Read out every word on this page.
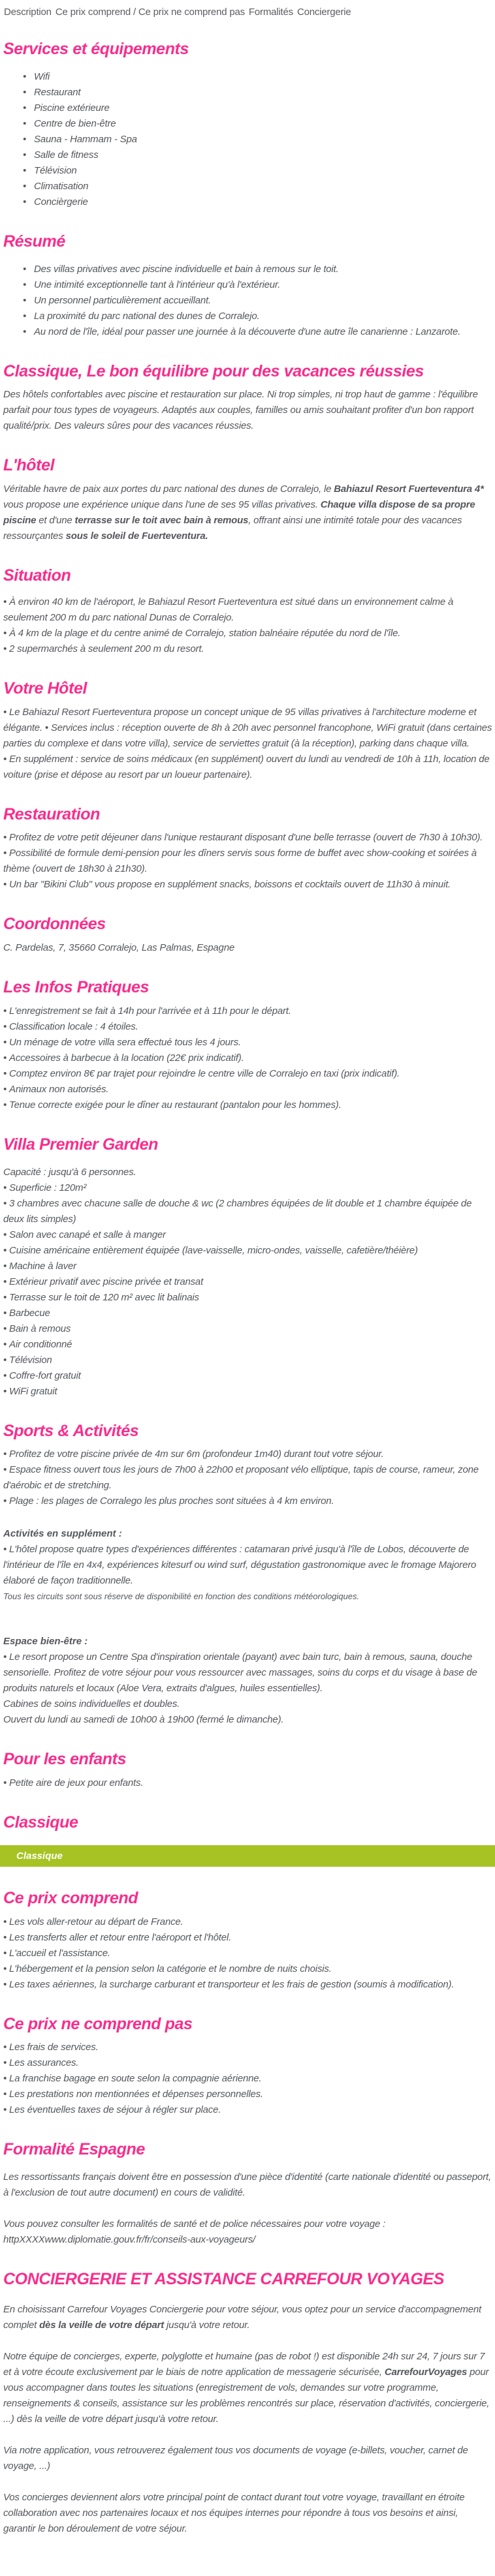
Description Ce prix comprend / Ce prix ne comprend pas Formalités Conciergerie
Services et équipements
• Wifi
• Restaurant
• Piscine extérieure
• Centre de bien-être
• Sauna - Hammam - Spa
• Salle de fitness
• Télévision
• Climatisation
• Concièrgerie
Résumé
• Des villas privatives avec piscine individuelle et bain à remous sur le toit.
• Une intimité exceptionnelle tant à l'intérieur qu'à l'extérieur.
• Un personnel particulièrement accueillant.
• La proximité du parc national des dunes de Corralejo.
• Au nord de l'île, idéal pour passer une journée à la découverte d'une autre île canarienne : Lanzarote.
Classique, Le bon équilibre pour des vacances réussies

Des hôtels confortables avec piscine et restauration sur place. Ni trop simples, ni trop haut de gamme : l'équilibre parfait pour tous types de voyageurs. Adaptés aux couples, familles ou amis souhaitant profiter d'un bon rapport qualité/prix. Des valeurs sûres pour des vacances réussies.

L'hôtel

Véritable havre de paix aux portes du parc national des dunes de Corralejo, le Bahiazul Resort Fuerteventura 4* vous propose une expérience unique dans l'une de ses 95 villas privatives. Chaque villa dispose de sa propre piscine et d'une terrasse sur le toit avec bain à remous, offrant ainsi une intimité totale pour des vacances ressourçantes sous le soleil de Fuerteventura.

Situation

• À environ 40 km de l'aéroport, le Bahiazul Resort Fuerteventura est situé dans un environnement calme à seulement 200 m du parc national Dunas de Corralejo.

• À 4 km de la plage et du centre animé de Corralejo, station balnéaire réputée du nord de l'île.

• 2 supermarchés à seulement 200 m du resort.

Votre Hôtel

• Le Bahiazul Resort Fuerteventura propose un concept unique de 95 villas privatives à l'architecture moderne et élégante. • Services inclus : réception ouverte de 8h à 20h avec personnel francophone, WiFi gratuit (dans certaines parties du complexe et dans votre villa), service de serviettes gratuit (à la réception), parking dans chaque villa.

• En supplément : service de soins médicaux (en supplément) ouvert du lundi au vendredi de 10h à 11h, location de voiture (prise et dépose au resort par un loueur partenaire).

Restauration

• Profitez de votre petit déjeuner dans l'unique restaurant disposant d'une belle terrasse (ouvert de 7h30 à 10h30).

• Possibilité de formule demi-pension pour les dîners servis sous forme de buffet avec show-cooking et soirées à thème (ouvert de 18h30 à 21h30).

• Un bar "Bikini Club" vous propose en supplément snacks, boissons et cocktails ouvert de 11h30 à minuit.

Coordonnées

C. Pardelas, 7, 35660 Corralejo, Las Palmas, Espagne

Les Infos Pratiques

• L'enregistrement se fait à 14h pour l'arrivée et à 11h pour le départ.

• Classification locale : 4 étoiles.

• Un ménage de votre villa sera effectué tous les 4 jours.

• Accessoires à barbecue à la location (22€ prix indicatif).

• Comptez environ 8€ par trajet pour rejoindre le centre ville de Corralejo en taxi (prix indicatif).

• Animaux non autorisés.

• Tenue correcte exigée pour le dîner au restaurant (pantalon pour les hommes).

Villa Premier Garden

Capacité : jusqu'à 6 personnes.

• Superficie : 120m²

• 3 chambres avec chacune salle de douche & wc (2 chambres équipées de lit double et 1 chambre équipée de deux lits simples)

• Salon avec canapé et salle à manger

• Cuisine américaine entièrement équipée (lave-vaisselle, micro-ondes, vaisselle, cafetière/théière)

• Machine à laver

• Extérieur privatif avec piscine privée et transat

• Terrasse sur le toit de 120 m² avec lit balinais

• Barbecue

• Bain à remous

• Air conditionné

• Télévision

• Coffre-fort gratuit

• WiFi gratuit

Sports & Activités

• Profitez de votre piscine privée de 4m sur 6m (profondeur 1m40) durant tout votre séjour.

• Espace fitness ouvert tous les jours de 7h00 à 22h00 et proposant vélo elliptique, tapis de course, rameur, zone d'aérobic et de stretching.

• Plage : les plages de Corralego les plus proches sont situées à 4 km environ.

Activités en supplément :

• L'hôtel propose quatre types d'expériences différentes : catamaran privé jusqu'à l'île de Lobos, découverte de l'intérieur de l'île en 4x4, expériences kitesurf ou wind surf, dégustation gastronomique avec le fromage Majorero élaboré de façon traditionnelle.

Tous les circuits sont sous réserve de disponibilité en fonction des conditions météorologiques.

Espace bien-être :

• Le resort propose un Centre Spa d'inspiration orientale (payant) avec bain turc, bain à remous, sauna, douche sensorielle. Profitez de votre séjour pour vous ressourcer avec massages, soins du corps et du visage à base de produits naturels et locaux (Aloe Vera, extraits d'algues, huiles essentielles).

Cabines de soins individuelles et doubles.

Ouvert du lundi au samedi de 10h00 à 19h00 (fermé le dimanche).

Pour les enfants

• Petite aire de jeux pour enfants.

Classique
Classique
Ce prix comprend

• Les vols aller-retour au départ de France.

• Les transferts aller et retour entre l'aéroport et l'hôtel.

• L'accueil et l'assistance.

• L'hébergement et la pension selon la catégorie et le nombre de nuits choisis.

• Les taxes aériennes, la surcharge carburant et transporteur et les frais de gestion (soumis à modification).

Ce prix ne comprend pas

• Les frais de services.

• Les assurances.

• La franchise bagage en soute selon la compagnie aérienne.

• Les prestations non mentionnées et dépenses personnelles.

• Les éventuelles taxes de séjour à régler sur place.

Formalité Espagne

Les ressortissants français doivent être en possession d'une pièce d'identité (carte nationale d'identité ou passeport, à l'exclusion de tout autre document) en cours de validité.

Vous pouvez consulter les formalités de santé et de police nécessaires pour votre voyage :
httpXXXXwww.diplomatie.gouv.fr/fr/conseils-aux-voyageurs/

CONCIERGERIE ET ASSISTANCE CARREFOUR VOYAGES

En choisissant Carrefour Voyages Conciergerie pour votre séjour, vous optez pour un service d'accompagnement complet dès la veille de votre départ jusqu'à votre retour.

Notre équipe de concierges, experte, polyglotte et humaine (pas de robot !) est disponible 24h sur 24, 7 jours sur 7 et à votre écoute exclusivement par le biais de notre application de messagerie sécurisée, CarrefourVoyages pour vous accompagner dans toutes les situations (enregistrement de vols, demandes sur votre programme, renseignements & conseils, assistance sur les problèmes rencontrés sur place, réservation d'activités, conciergerie, ...) dès la veille de votre départ jusqu'à votre retour.

Via notre application, vous retrouverez également tous vos documents de voyage (e-billets, voucher, carnet de voyage, ...)

Vos concierges deviennent alors votre principal point de contact durant tout votre voyage, travaillant en étroite collaboration avec nos partenaires locaux et nos équipes internes pour répondre à tous vos besoins et ainsi, garantir le bon déroulement de votre séjour.
